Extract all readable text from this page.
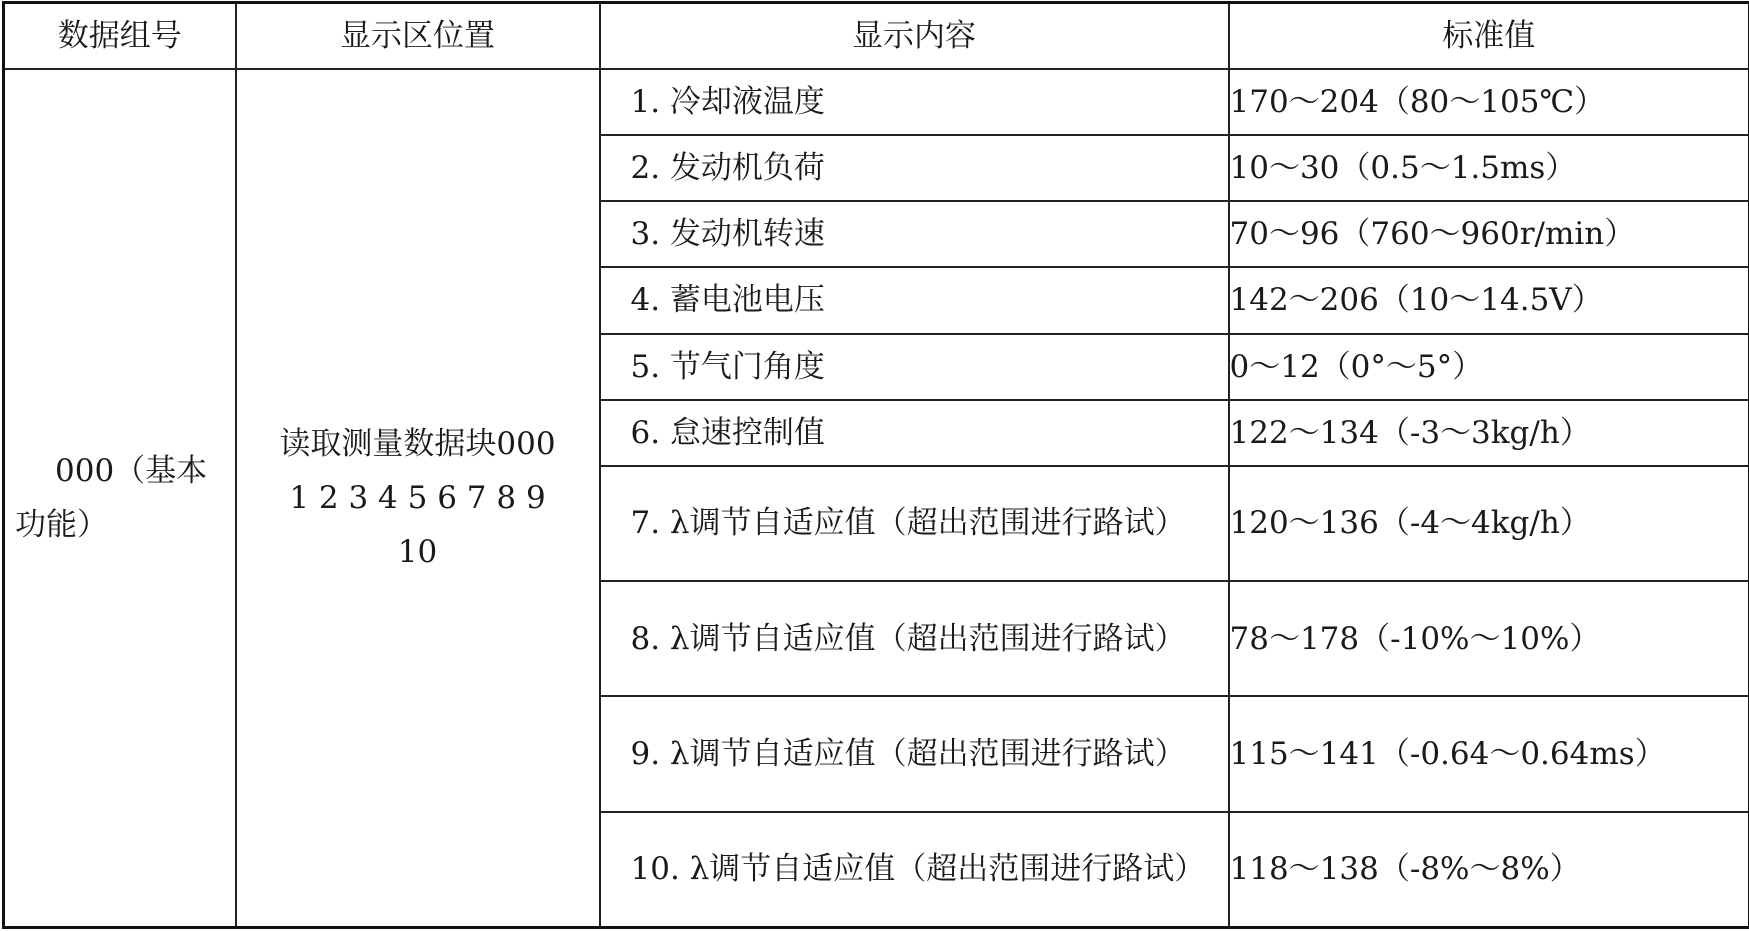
数据组号	显示区位置	显示内容	标准值

000（基本功能）	读取测量数据块000 1 2 3 4 5 6 7 8 9 10	1. 冷却液温度	170～204（80～105℃）

		2. 发动机负荷	10～30（0.5～1.5ms）

		3. 发动机转速	70～96（760～960r/min）

		4. 蓄电池电压	142～206（10～14.5V）

		5. 节气门角度	0～12（0°～5°）

		6. 怠速控制值	122～134（-3～3kg/h）

		7. λ调节自适应值（超出范围进行路试）	120～136（-4～4kg/h）

		8. λ调节自适应值（超出范围进行路试）	78～178（-10%～10%）

		9. λ调节自适应值（超出范围进行路试）	115～141（-0.64～0.64ms）

		10. λ调节自适应值（超出范围进行路试）	118～138（-8%～8%）
